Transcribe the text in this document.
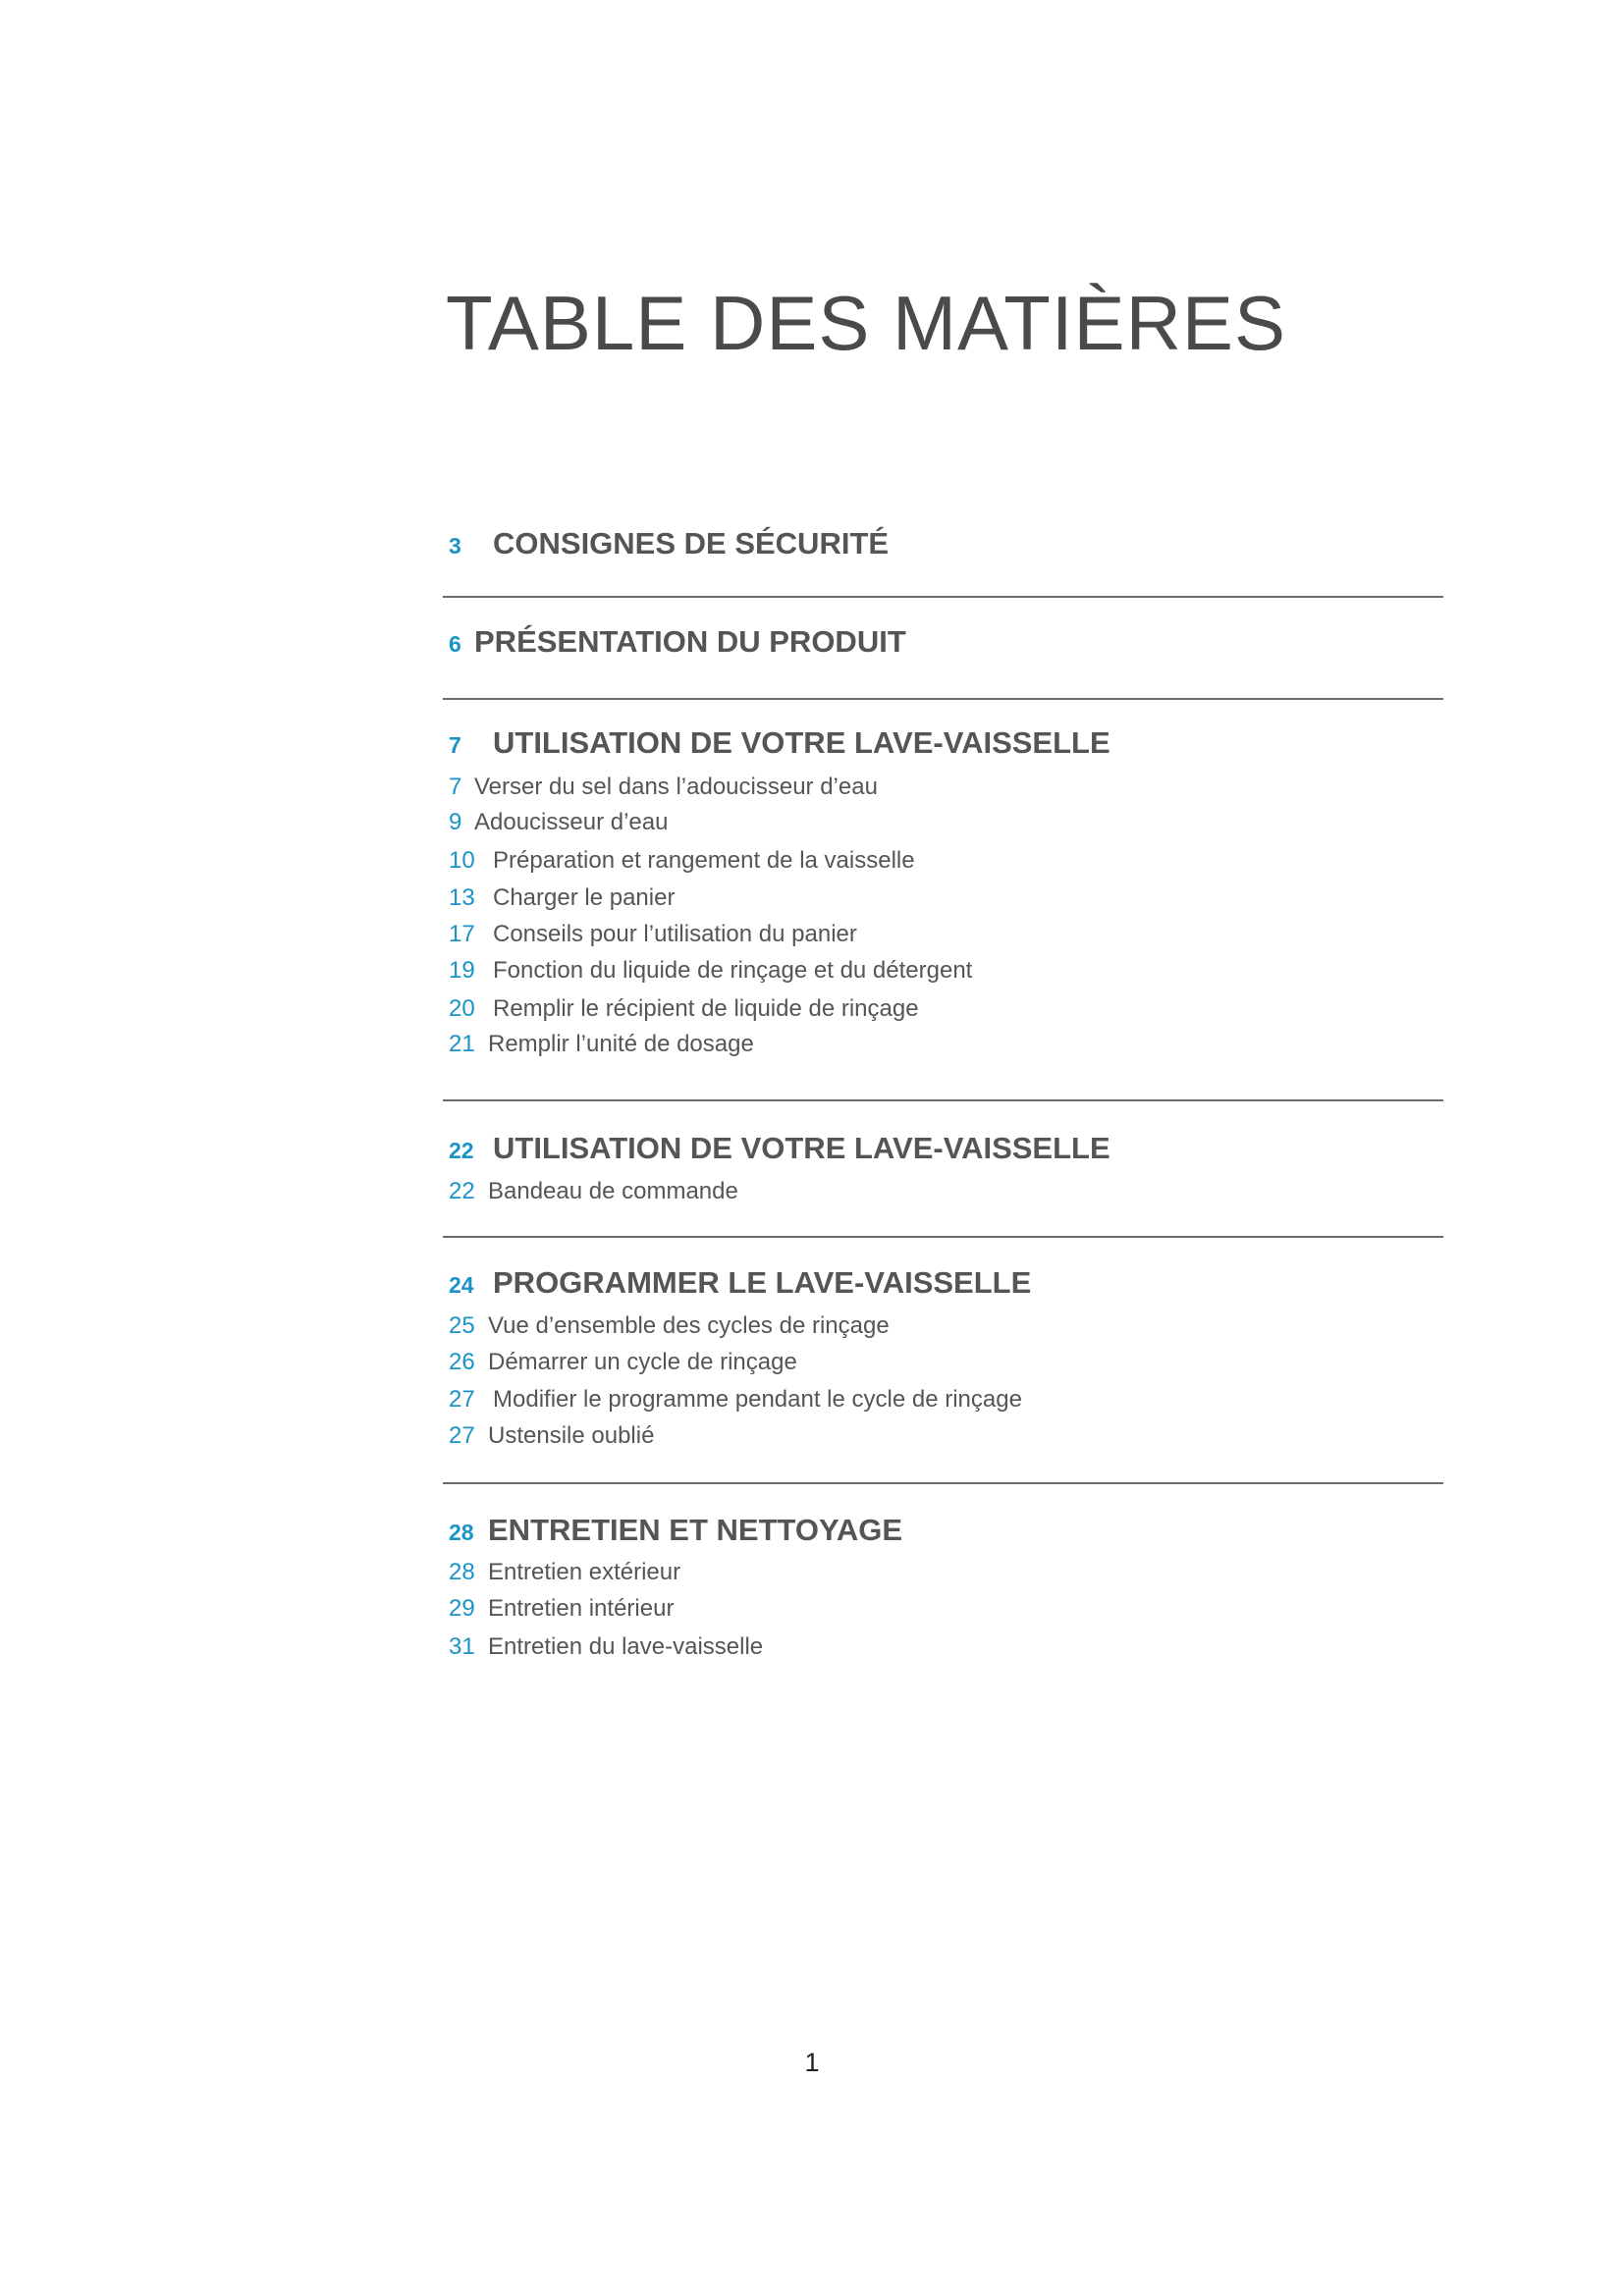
TABLE DES MATIÈRES
3 CONSIGNES DE SÉCURITÉ
6 PRÉSENTATION DU PRODUIT
7 UTILISATION DE VOTRE LAVE-VAISSELLE
7 Verser du sel dans l’adoucisseur d’eau
9 Adoucisseur d’eau
10 Préparation et rangement de la vaisselle
13 Charger le panier
17 Conseils pour l’utilisation du panier
19 Fonction du liquide de rinçage et du détergent
20 Remplir le récipient de liquide de rinçage
21 Remplir l’unité de dosage
22 UTILISATION DE VOTRE LAVE-VAISSELLE
22 Bandeau de commande
24 PROGRAMMER LE LAVE-VAISSELLE
25 Vue d’ensemble des cycles de rinçage
26 Démarrer un cycle de rinçage
27 Modifier le programme pendant le cycle de rinçage
27 Ustensile oublié
28 ENTRETIEN ET NETTOYAGE
28 Entretien extérieur
29 Entretien intérieur
31 Entretien du lave-vaisselle
1
